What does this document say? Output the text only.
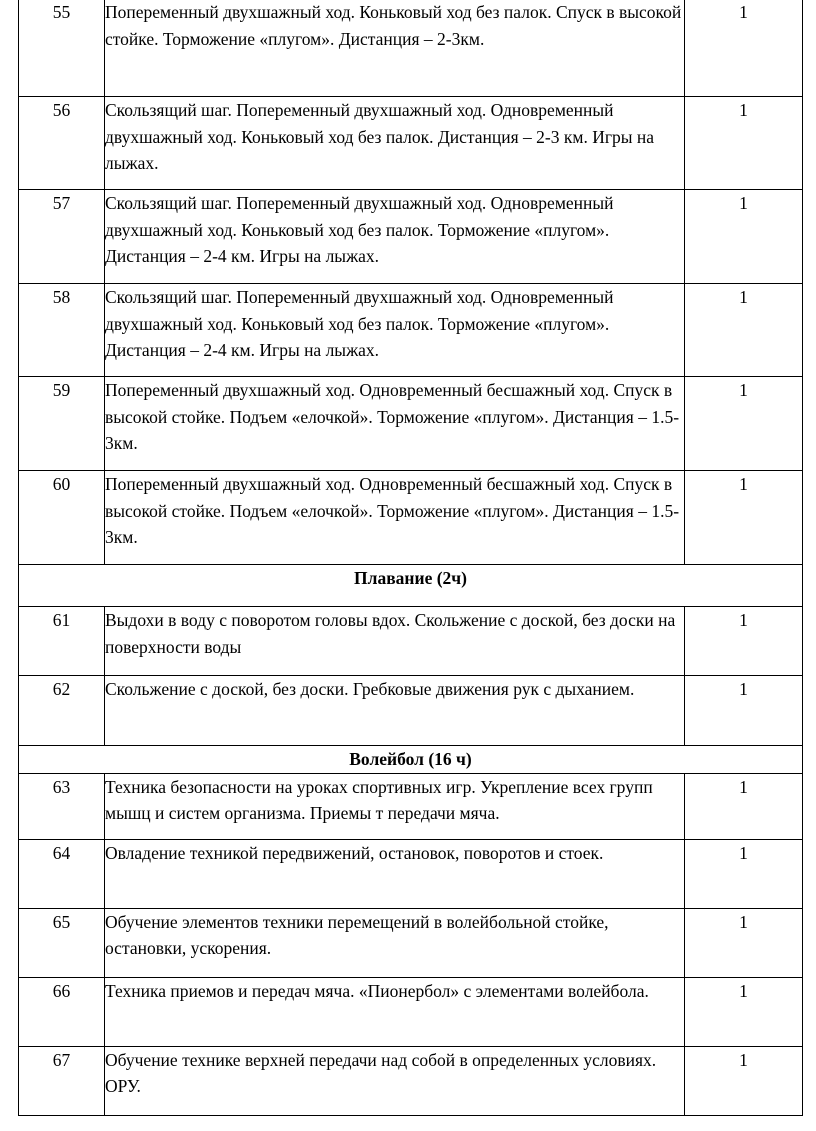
55	Попеременный двухшажный ход. Коньковый ход без палок. Спуск в высокой стойке. Торможение «плугом». Дистанция – 2-3км.	1
56	Скользящий шаг. Попеременный двухшажный ход. Одновременный двухшажный ход. Коньковый ход без палок. Дистанция – 2-3 км. Игры на лыжах.	1
57	Скользящий шаг. Попеременный двухшажный ход. Одновременный двухшажный ход. Коньковый ход без палок. Торможение «плугом». Дистанция – 2-4 км. Игры на лыжах.	1
58	Скользящий шаг. Попеременный двухшажный ход. Одновременный двухшажный ход. Коньковый ход без палок. Торможение «плугом». Дистанция – 2-4 км. Игры на лыжах.	1
59	Попеременный двухшажный ход. Одновременный бесшажный ход. Спуск в высокой стойке. Подъем «елочкой». Торможение «плугом». Дистанция – 1.5-3км.	1
60	Попеременный двухшажный ход. Одновременный бесшажный ход. Спуск в высокой стойке. Подъем «елочкой». Торможение «плугом». Дистанция – 1.5-3км.	1
Плавание (2ч)		
61	Выдохи в воду с поворотом головы вдох. Скольжение с доской, без доски на поверхности воды	1
62	Скольжение с доской, без доски. Гребковые движения рук с дыханием.	1
Волейбол (16 ч)		
63	Техника безопасности на уроках спортивных игр. Укрепление всех групп мышц и систем организма. Приемы т передачи мяча.	1
64	Овладение техникой передвижений, остановок, поворотов и стоек.	1
65	Обучение элементов техники перемещений в волейбольной стойке, остановки, ускорения.	1
66	Техника приемов и передач мяча. «Пионербол» с элементами волейбола.	1
67	Обучение технике верхней передачи над собой в определенных условиях. ОРУ.	1
